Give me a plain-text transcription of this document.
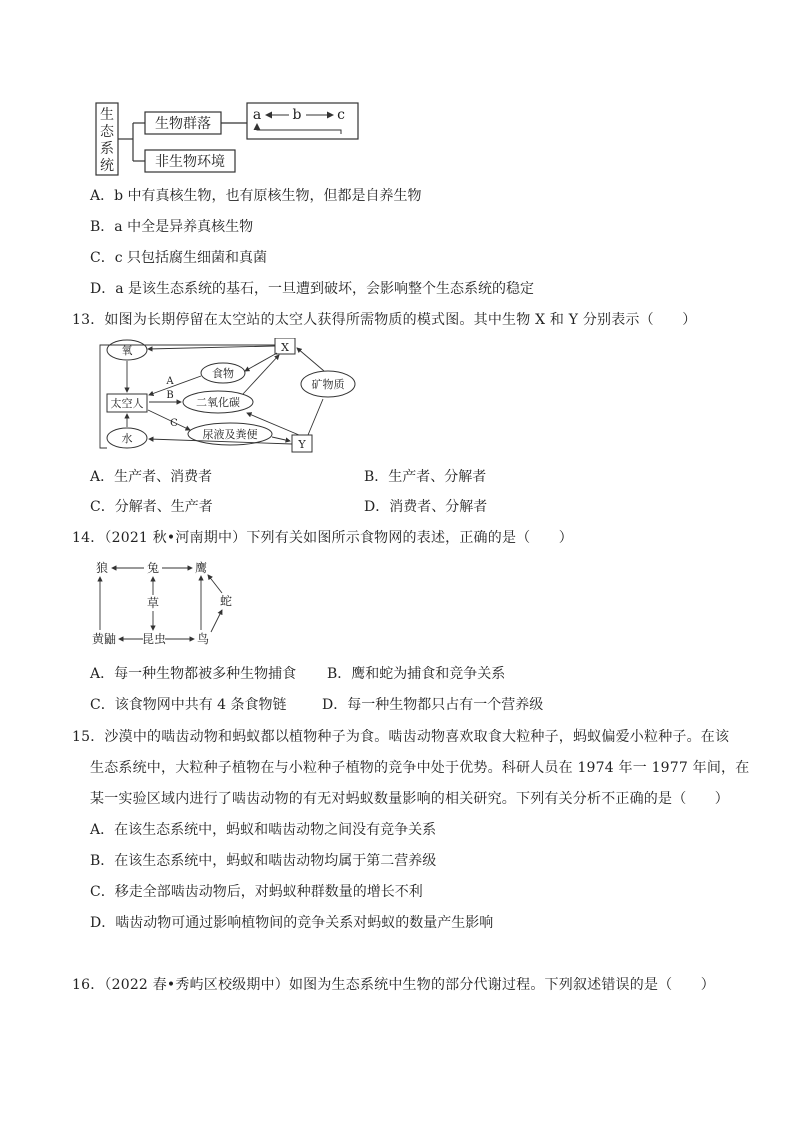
生
态
系
统
生物群落
非生物环境
a b	c
A．b 中有真核生物，也有原核生物，但都是自养生物
B．a 中全是异养真核生物
C．c 只包括腐生细菌和真菌
D．a 是该生态系统的基石，一旦遭到破坏，会影响整个生态系统的稳定
13．如图为长期停留在太空站的太空人获得所需物质的模式图。其中生物 X 和 Y 分别表示（　　）
氧
食物
X
太空人	二氧化碳
矿物质
水	尿液及粪便
Y
A
B
C
A．生产者、消费者	B．生产者、分解者
C．分解者、生产者	D．消费者、分解者
14．（2021 秋•河南期中）下列有关如图所示食物网的表述，正确的是（　　）
狼	兔	鹰
草	蛇
黄鼬 昆虫	鸟
A．每一种生物都被多种生物捕食 B．鹰和蛇为捕食和竞争关系
C．该食物网中共有 4 条食物链	D．每一种生物都只占有一个营养级
15．沙漠中的啮齿动物和蚂蚁都以植物种子为食。啮齿动物喜欢取食大粒种子，蚂蚁偏爱小粒种子。在该
生态系统中，大粒种子植物在与小粒种子植物的竞争中处于优势。科研人员在 1974 年一 1977 年间，在
某一实验区域内进行了啮齿动物的有无对蚂蚁数量影响的相关研究。下列有关分析不正确的是（　　）
A．在该生态系统中，蚂蚁和啮齿动物之间没有竞争关系
B．在该生态系统中，蚂蚁和啮齿动物均属于第二营养级
C．移走全部啮齿动物后，对蚂蚁种群数量的增长不利
D．啮齿动物可通过影响植物间的竞争关系对蚂蚁的数量产生影响
16．（2022 春•秀屿区校级期中）如图为生态系统中生物的部分代谢过程。下列叙述错误的是（　　）
